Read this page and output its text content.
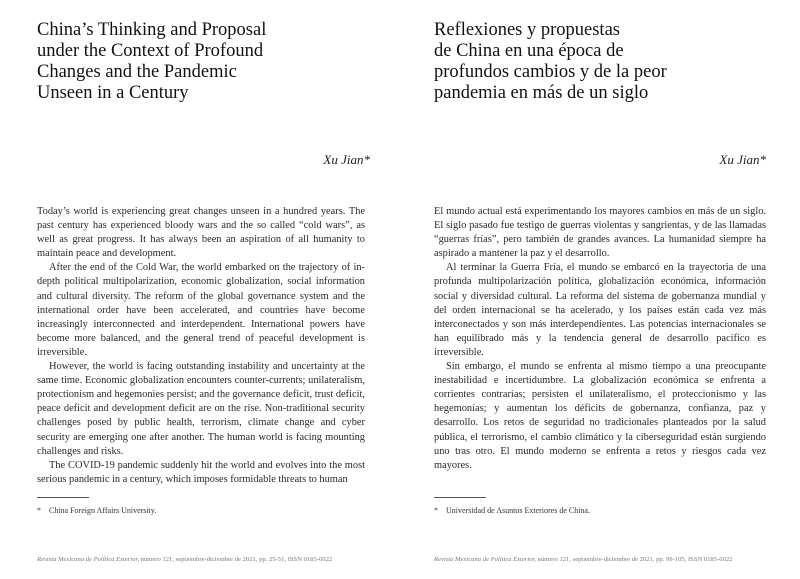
China’s Thinking and Proposal
under the Context of Profound
Changes and the Pandemic
Unseen in a Century
Xu Jian*

Today’s world is experiencing great changes unseen in a hundred years. The past century has experienced bloody wars and the so called “cold wars”, as well as great progress. It has always been an aspiration of all humanity to maintain peace and development.

After the end of the Cold War, the world embarked on the trajectory of in-depth political multipolarization, economic globalization, social information and cultural diversity. The reform of the global governance system and the international order have been accelerated, and countries have become increasingly interconnected and interdependent. International powers have become more balanced, and the general trend of peaceful development is irreversible.

However, the world is facing outstanding instability and uncertainty at the same time. Economic globalization encounters counter-currents; unilateralism, protectionism and hegemonies persist; and the governance deficit, trust deficit, peace deficit and development deficit are on the rise. Non-traditional security challenges posed by public health, terrorism, climate change and cyber security are emerging one after another. The human world is facing mounting challenges and risks.

The COVID-19 pandemic suddenly hit the world and evolves into the most serious pandemic in a century, which imposes formidable threats to human

* China Foreign Affairs University.
Revista Mexicana de Política Exterior, número 121, septiembre-diciembre de 2021, pp. 25-51, ISSN 0185-6022
Reflexiones y propuestas
de China en una época de
profundos cambios y de la peor
pandemia en más de un siglo
Xu Jian*

El mundo actual está experimentando los mayores cambios en más de un siglo. El siglo pasado fue testigo de guerras violentas y sangrientas, y de las llamadas “guerras frías”, pero también de grandes avances. La humanidad siempre ha aspirado a mantener la paz y el desarrollo.

Al terminar la Guerra Fría, el mundo se embarcó en la trayectoria de una profunda multipolarización política, globalización económica, información social y diversidad cultural. La reforma del sistema de gobernanza mundial y del orden internacional se ha acelerado, y los países están cada vez más interconectados y son más interdependientes. Las potencias internacionales se han equilibrado más y la tendencia general de desarrollo pacífico es irreversible.

Sin embargo, el mundo se enfrenta al mismo tiempo a una preocupante inestabilidad e incertidumbre. La globalización económica se enfrenta a corrientes contrarias; persisten el unilateralismo, el proteccionismo y las hegemonías; y aumentan los déficits de gobernanza, confianza, paz y desarrollo. Los retos de seguridad no tradicionales planteados por la salud pública, el terrorismo, el cambio climático y la ciberseguridad están surgiendo uno tras otro. El mundo moderno se enfrenta a retos y riesgos cada vez mayores.

* Universidad de Asuntos Exteriores de China.
Revista Mexicana de Política Exterior, número 121, septiembre-diciembre de 2021, pp. 99-105, ISSN 0185-6022
